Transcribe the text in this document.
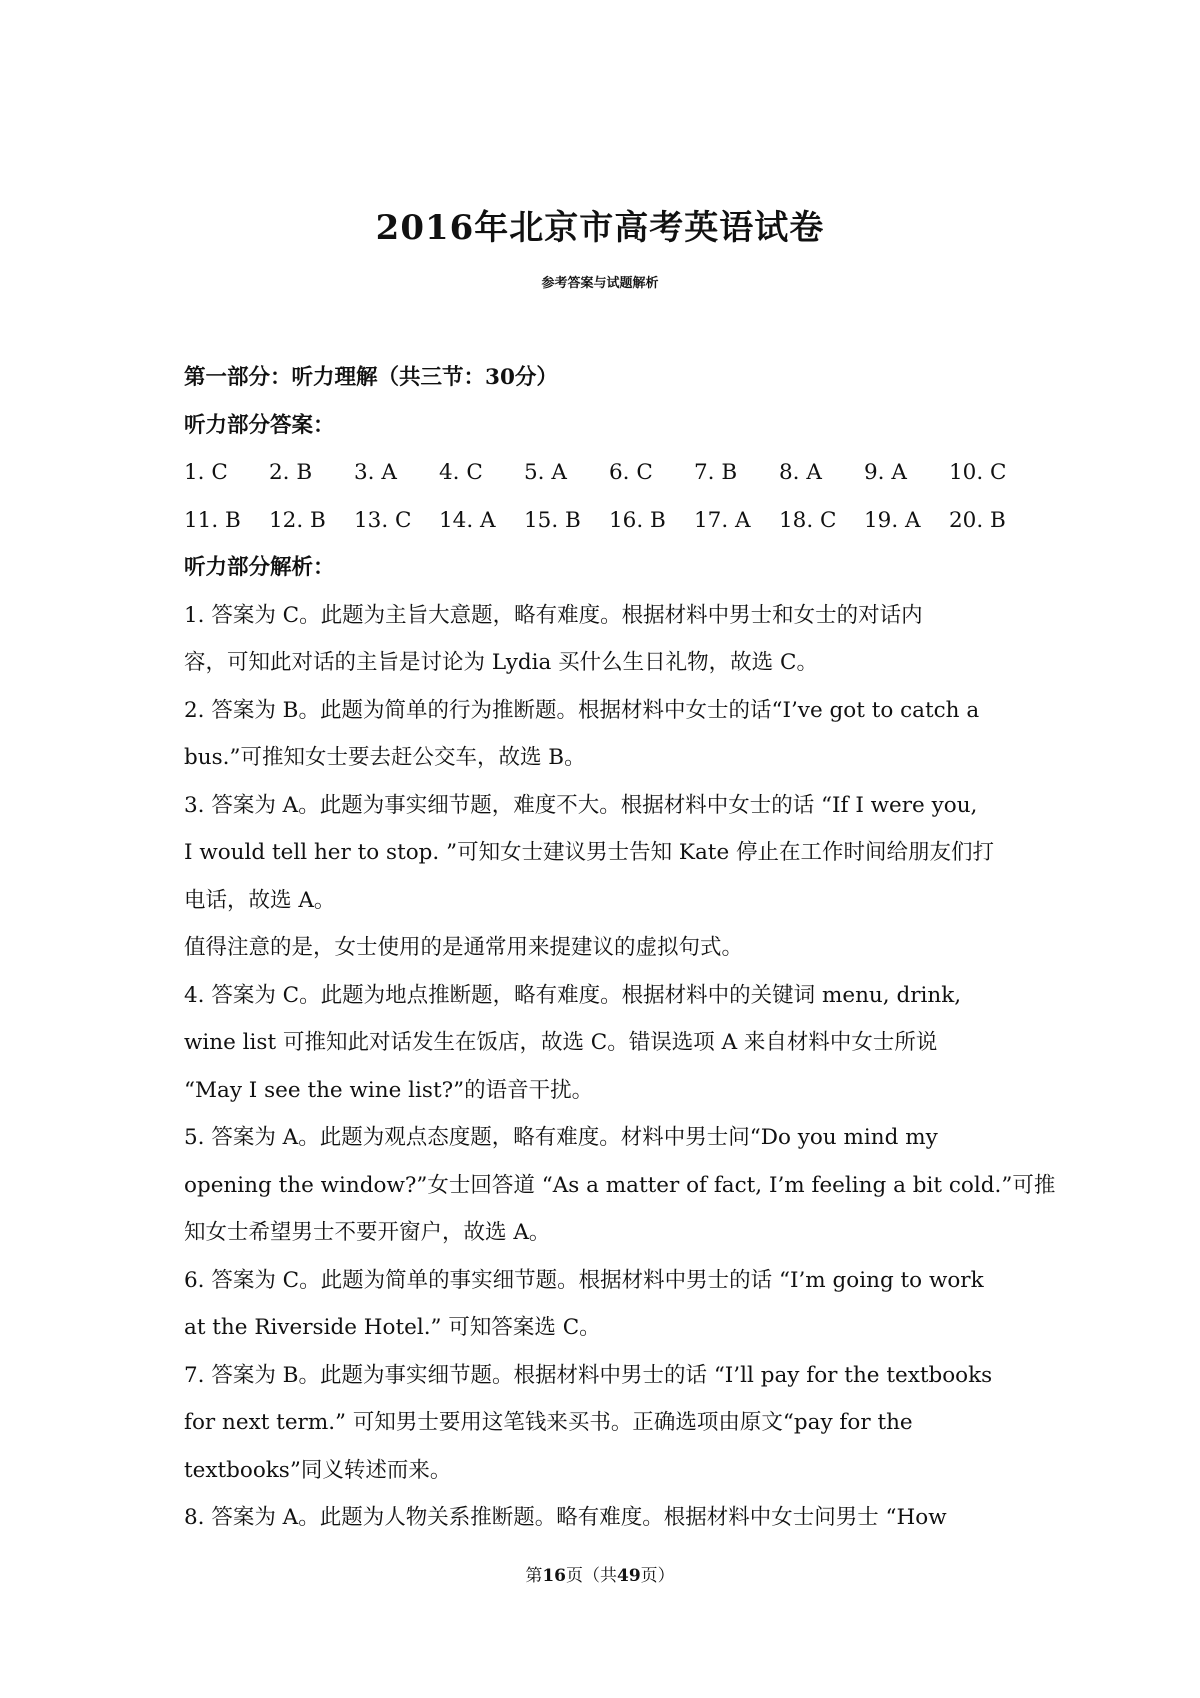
2016年北京市高考英语试卷
参考答案与试题解析
第一部分：听力理解（共三节：30分）
听力部分答案：
1. C	2. B	3. A	4. C	5. A	6. C	7. B	8. A	9. A	10. C
11. B	12. B	13. C	14. A	15. B	16. B	17. A	18. C	19. A	20. B
听力部分解析：
1. 答案为 C。此题为主旨大意题，略有难度。根据材料中男士和女士的对话内
容，可知此对话的主旨是讨论为 Lydia 买什么生日礼物，故选 C。
2. 答案为 B。此题为简单的行为推断题。根据材料中女士的话“I’ve got to catch a
bus.”可推知女士要去赶公交车，故选 B。
3. 答案为 A。此题为事实细节题，难度不大。根据材料中女士的话 “If I were you,
I would tell her to stop. ”可知女士建议男士告知 Kate 停止在工作时间给朋友们打
电话，故选 A。
值得注意的是，女士使用的是通常用来提建议的虚拟句式。
4. 答案为 C。此题为地点推断题，略有难度。根据材料中的关键词 menu, drink,
wine list 可推知此对话发生在饭店，故选 C。错误选项 A 来自材料中女士所说
“May I see the wine list?”的语音干扰。
5. 答案为 A。此题为观点态度题，略有难度。材料中男士问“Do you mind my
opening the window?”女士回答道 “As a matter of fact, I’m feeling a bit cold.”可推
知女士希望男士不要开窗户，故选 A。
6. 答案为 C。此题为简单的事实细节题。根据材料中男士的话 “I’m going to work
at the Riverside Hotel.” 可知答案选 C。
7. 答案为 B。此题为事实细节题。根据材料中男士的话 “I’ll pay for the textbooks
for next term.” 可知男士要用这笔钱来买书。正确选项由原文“pay for the
textbooks”同义转述而来。
8. 答案为 A。此题为人物关系推断题。略有难度。根据材料中女士问男士 “How
第16页（共49页）
